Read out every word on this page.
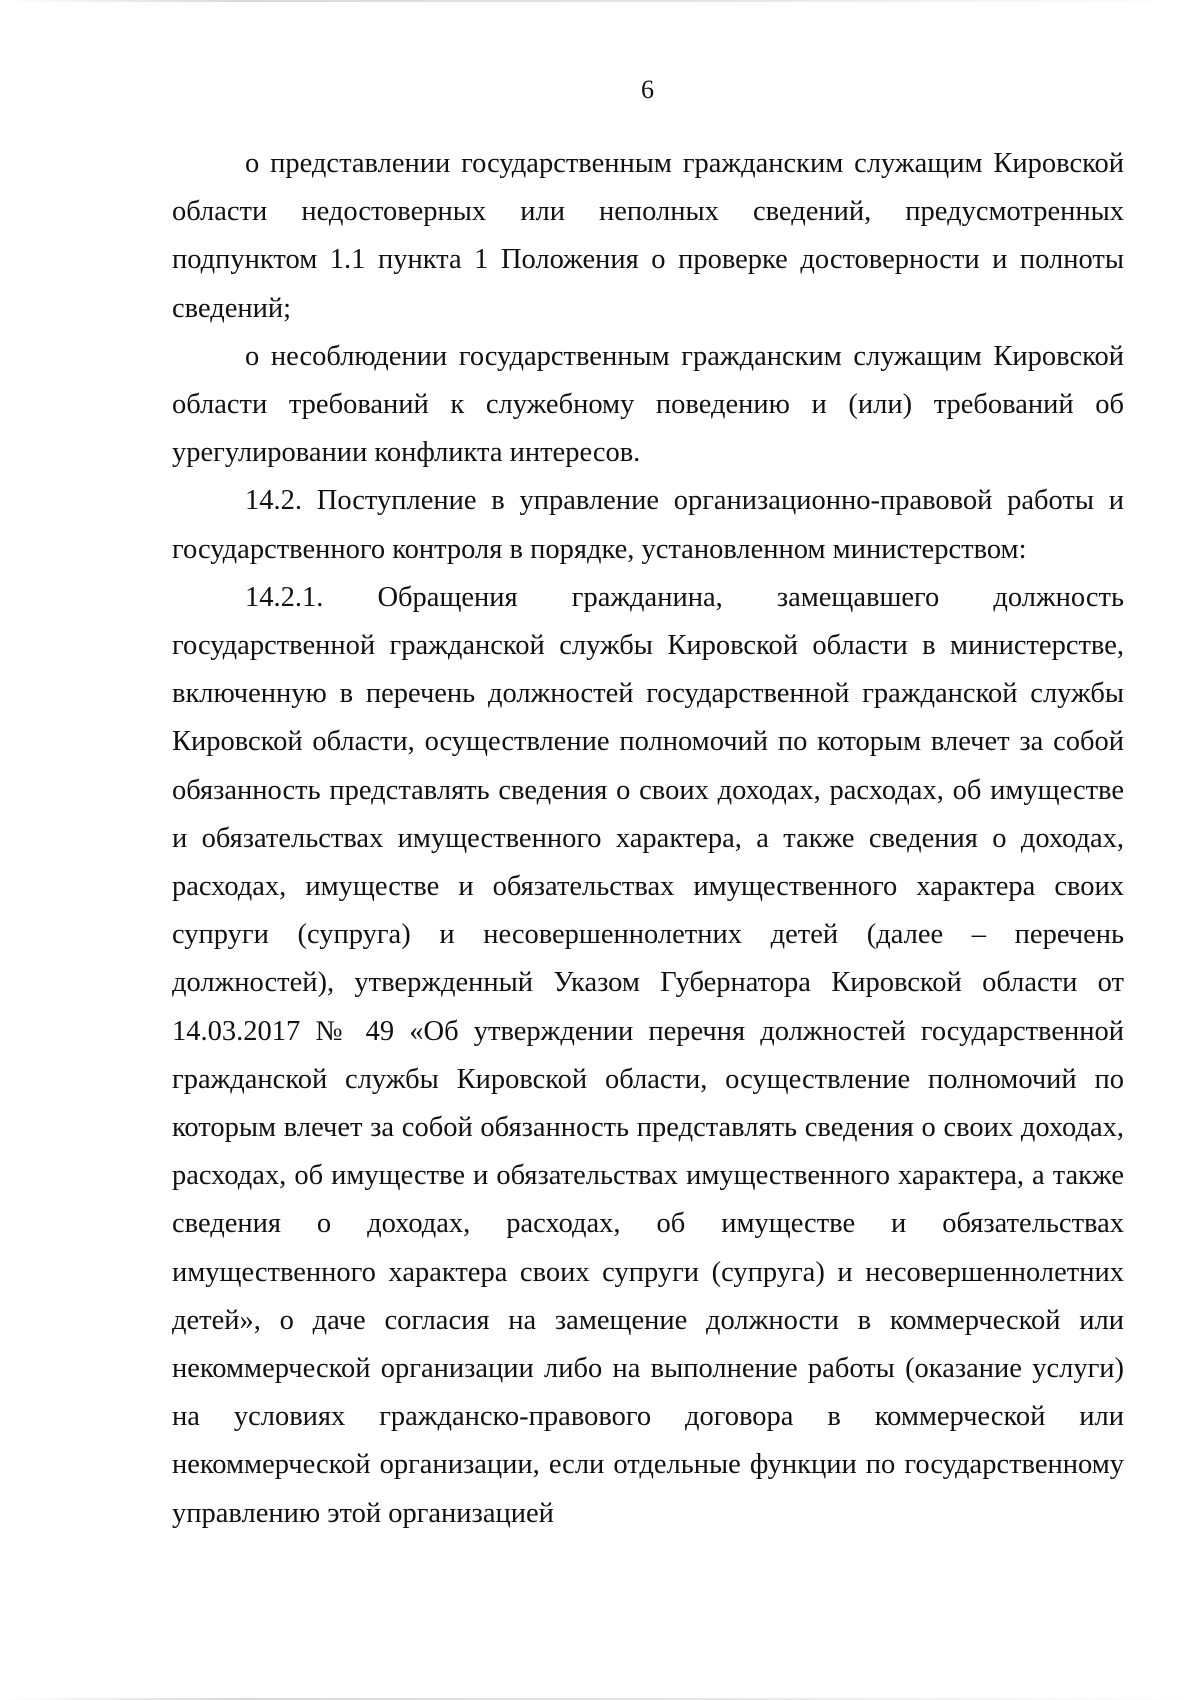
6

о представлении государственным гражданским служащим Кировской области недостоверных или неполных сведений, предусмотренных подпунктом 1.1 пункта 1 Положения о проверке достоверности и полноты сведений;

о несоблюдении государственным гражданским служащим Кировской области требований к служебному поведению и (или) требований об урегулировании конфликта интересов.

14.2. Поступление в управление организационно-правовой работы и государственного контроля в порядке, установленном министерством:

14.2.1. Обращения гражданина, замещавшего должность государственной гражданской службы Кировской области в министерстве, включенную в перечень должностей государственной гражданской службы Кировской области, осуществление полномочий по которым влечет за собой обязанность представлять сведения о своих доходах, расходах, об имуществе и обязательствах имущественного характера, а также сведения о доходах, расходах, имуществе и обязательствах имущественного характера своих супруги (супруга) и несовершеннолетних детей (далее – перечень должностей), утвержденный Указом Губернатора Кировской области от 14.03.2017 № 49 «Об утверждении перечня должностей государственной гражданской службы Кировской области, осуществление полномочий по которым влечет за собой обязанность представлять сведения о своих доходах, расходах, об имуществе и обязательствах имущественного характера, а также сведения о доходах, расходах, об имуществе и обязательствах имущественного характера своих супруги (супруга) и несовершеннолетних детей», о даче согласия на замещение должности в коммерческой или некоммерческой организации либо на выполнение работы (оказание услуги) на условиях гражданско-правового договора в коммерческой или некоммерческой организации, если отдельные функции по государственному управлению этой организацией
